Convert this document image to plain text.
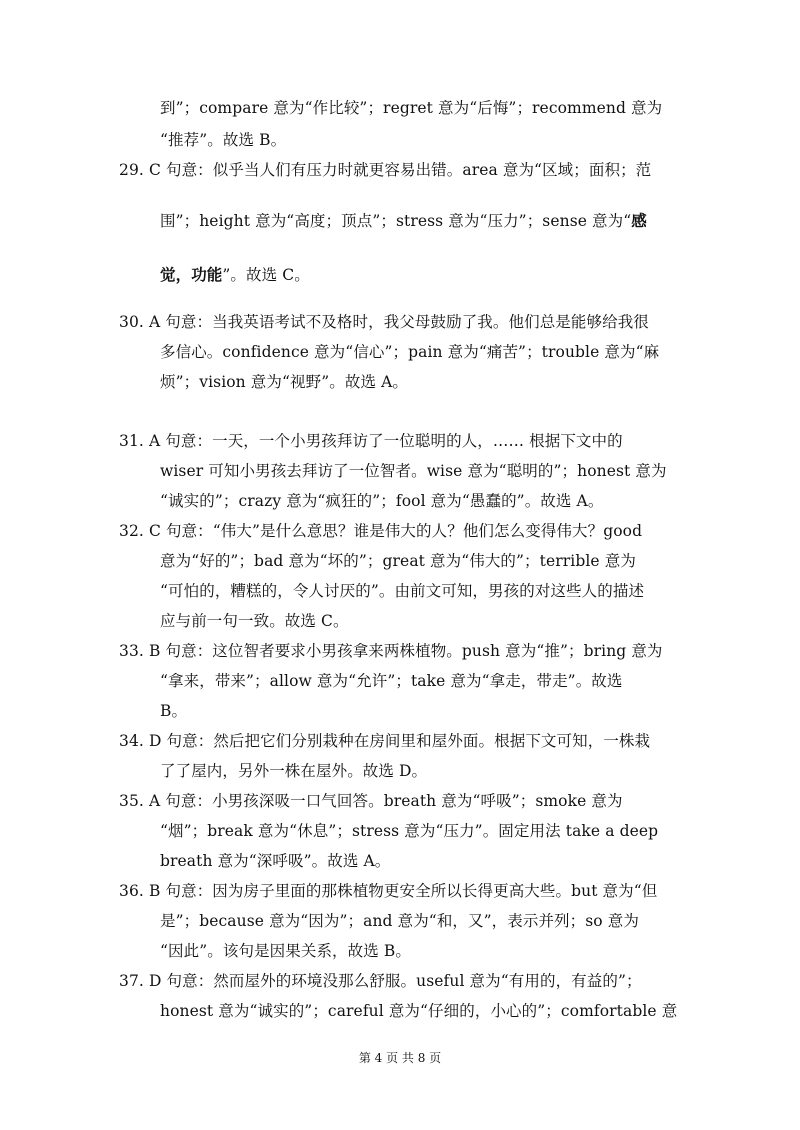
到”；compare 意为“作比较”；regret 意为“后悔”；recommend 意为
“推荐”。故选 B。
29. C 句意：似乎当人们有压力时就更容易出错。area 意为“区域；面积；范
围”；height 意为“高度；顶点”；stress 意为“压力”；sense 意为“感
觉，功能”。故选 C。
30. A 句意：当我英语考试不及格时，我父母鼓励了我。他们总是能够给我很
多信心。confidence 意为“信心”；pain 意为“痛苦”；trouble 意为“麻
烦”；vision 意为“视野”。故选 A。
31. A 句意：一天，一个小男孩拜访了一位聪明的人，…… 根据下文中的
wiser 可知小男孩去拜访了一位智者。wise 意为“聪明的”；honest 意为
“诚实的”；crazy 意为“疯狂的”；fool 意为“愚蠢的”。故选 A。
32. C 句意：“伟大”是什么意思？谁是伟大的人？他们怎么变得伟大？good
意为“好的”；bad 意为“坏的”；great 意为“伟大的”；terrible 意为
“可怕的，糟糕的，令人讨厌的”。由前文可知，男孩的对这些人的描述
应与前一句一致。故选 C。
33. B 句意：这位智者要求小男孩拿来两株植物。push 意为“推”；bring 意为
“拿来，带来”；allow 意为“允许”；take 意为“拿走，带走”。故选
B。
34. D 句意：然后把它们分别栽种在房间里和屋外面。根据下文可知，一株栽
了了屋内，另外一株在屋外。故选 D。
35. A 句意：小男孩深吸一口气回答。breath 意为“呼吸”；smoke 意为
“烟”；break 意为“休息”；stress 意为“压力”。固定用法 take a deep
breath 意为“深呼吸”。故选 A。
36. B 句意：因为房子里面的那株植物更安全所以长得更高大些。but 意为“但
是”；because 意为“因为”；and 意为“和，又”，表示并列；so 意为
“因此”。该句是因果关系，故选 B。
37. D 句意：然而屋外的环境没那么舒服。useful 意为“有用的，有益的”；
honest 意为“诚实的”；careful 意为“仔细的，小心的”；comfortable 意
第 4 页 共 8 页
